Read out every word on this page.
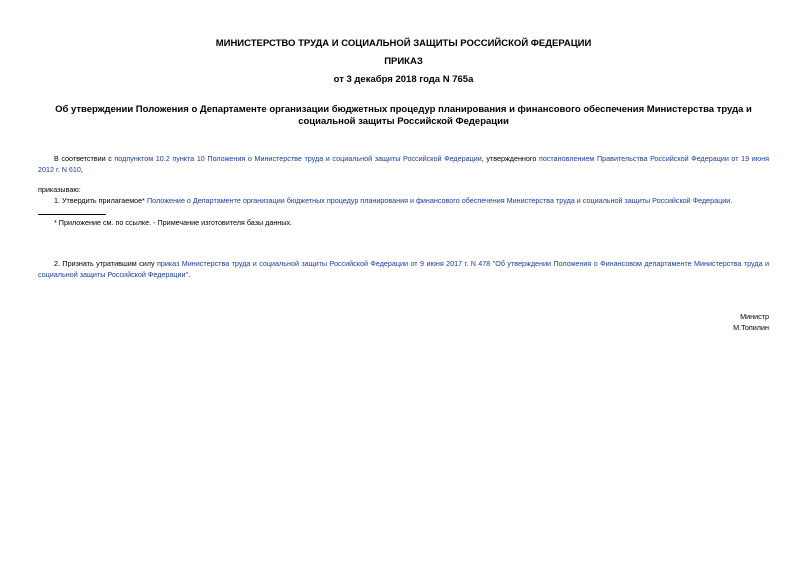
МИНИСТЕРСТВО ТРУДА И СОЦИАЛЬНОЙ ЗАЩИТЫ РОССИЙСКОЙ ФЕДЕРАЦИИ
ПРИКАЗ
от 3 декабря 2018 года N 765а
Об утверждении Положения о Департаменте организации бюджетных процедур планирования и финансового обеспечения Министерства труда и социальной защиты Российской Федерации
В соответствии с подпунктом 10.2 пункта 10 Положения о Министерстве труда и социальной защиты Российской Федерации, утвержденного постановлением Правительства Российской Федерации от 19 июня 2012 г. N 610,
приказываю:
1. Утвердить прилагаемое* Положение о Департаменте организации бюджетных процедур планирования и финансового обеспечения Министерства труда и социальной защиты Российской Федерации.
* Приложение см. по ссылке. - Примечание изготовителя базы данных.
2. Признать утратившим силу приказ Министерства труда и социальной защиты Российской Федерации от 9 июня 2017 г. N 478 "Об утверждении Положения о Финансовом департаменте Министерства труда и социальной защиты Российской Федерации".
Министр
М.Топилин
